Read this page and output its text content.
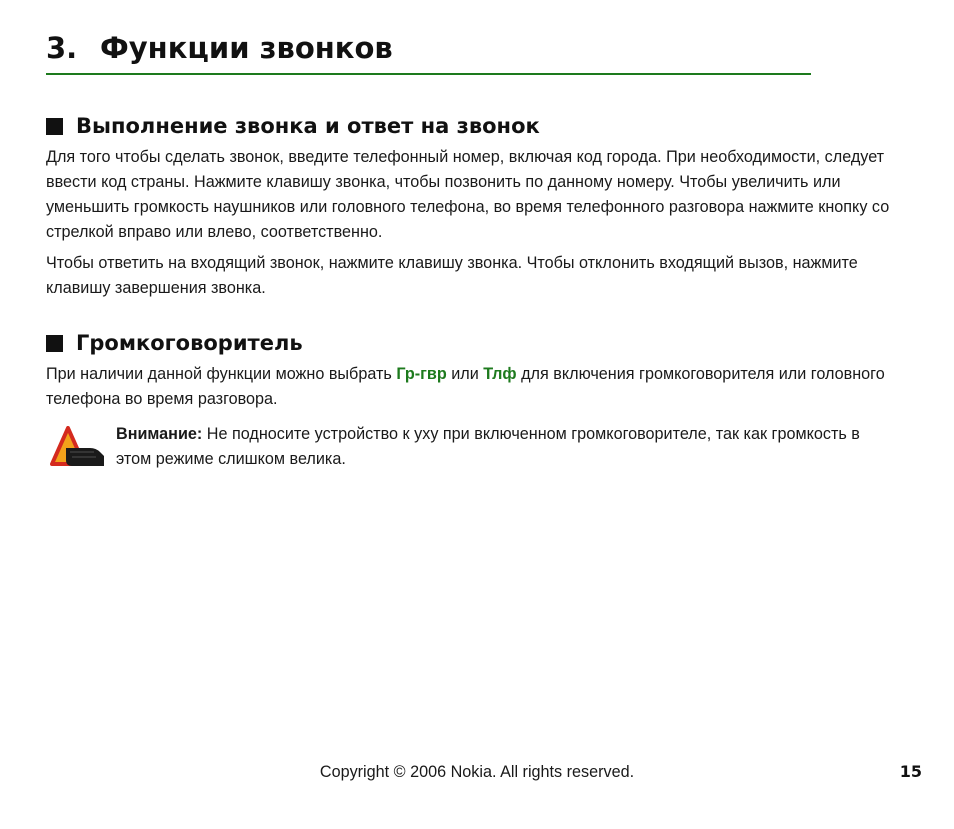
3. Функции звонков
Выполнение звонка и ответ на звонок

Для того чтобы сделать звонок, введите телефонный номер, включая код города. При необходимости, следует ввести код страны. Нажмите клавишу звонка, чтобы позвонить по данному номеру. Чтобы увеличить или уменьшить громкость наушников или головного телефона, во время телефонного разговора нажмите кнопку со стрелкой вправо или влево, соответственно.

Чтобы ответить на входящий звонок, нажмите клавишу звонка. Чтобы отклонить входящий вызов, нажмите клавишу завершения звонка.

Громкоговоритель

При наличии данной функции можно выбрать Гр-гвр или Тлф для включения громкоговорителя или головного телефона во время разговора.

Внимание: Не подносите устройство к уху при включенном громкоговорителе, так как громкость в этом режиме слишком велика.

Copyright © 2006 Nokia. All rights reserved.	15
